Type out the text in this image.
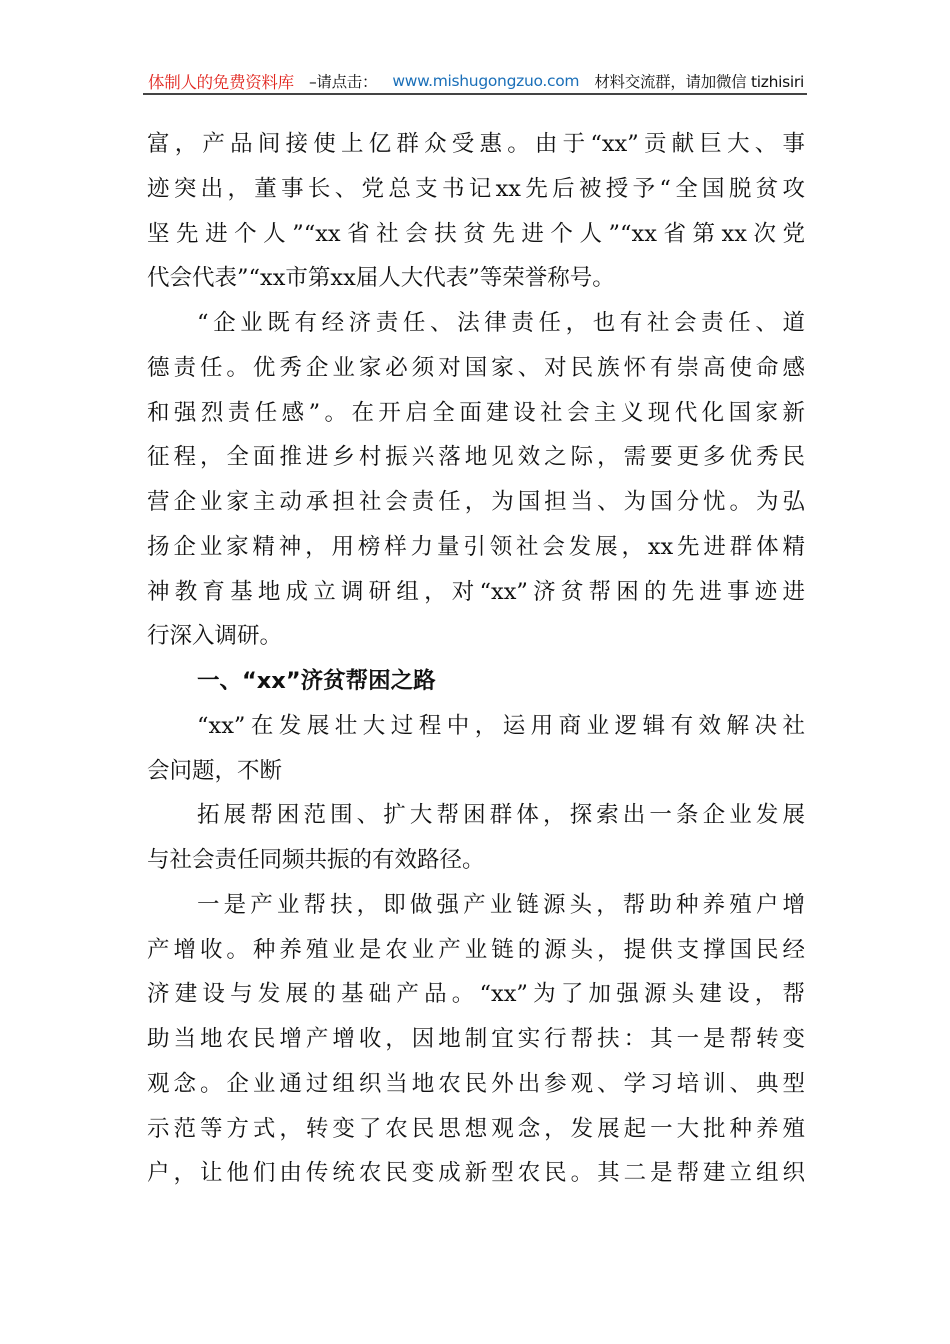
体制人的免费资料库 –请点击： www.mishugongzuo.com 材料交流群，请加微信 tizhisiri
富，产品间接使上亿群众受惠。由于“xx”贡献巨大、事
迹突出，董事长、党总支书记xx先后被授予“全国脱贫攻
坚先进个人”“xx省社会扶贫先进个人”“xx省第xx次党
代会代表”“xx市第xx届人大代表”等荣誉称号。
“企业既有经济责任、法律责任，也有社会责任、道
德责任。优秀企业家必须对国家、对民族怀有崇高使命感
和强烈责任感”。在开启全面建设社会主义现代化国家新
征程，全面推进乡村振兴落地见效之际，需要更多优秀民
营企业家主动承担社会责任，为国担当、为国分忧。为弘
扬企业家精神，用榜样力量引领社会发展，xx先进群体精
神教育基地成立调研组，对“xx”济贫帮困的先进事迹进
行深入调研。
一、“xx”济贫帮困之路
“xx”在发展壮大过程中，运用商业逻辑有效解决社
会问题，不断
拓展帮困范围、扩大帮困群体，探索出一条企业发展
与社会责任同频共振的有效路径。
一是产业帮扶，即做强产业链源头，帮助种养殖户增
产增收。种养殖业是农业产业链的源头，提供支撑国民经
济建设与发展的基础产品。“xx”为了加强源头建设，帮
助当地农民增产增收，因地制宜实行帮扶：其一是帮转变
观念。企业通过组织当地农民外出参观、学习培训、典型
示范等方式，转变了农民思想观念，发展起一大批种养殖
户，让他们由传统农民变成新型农民。其二是帮建立组织
